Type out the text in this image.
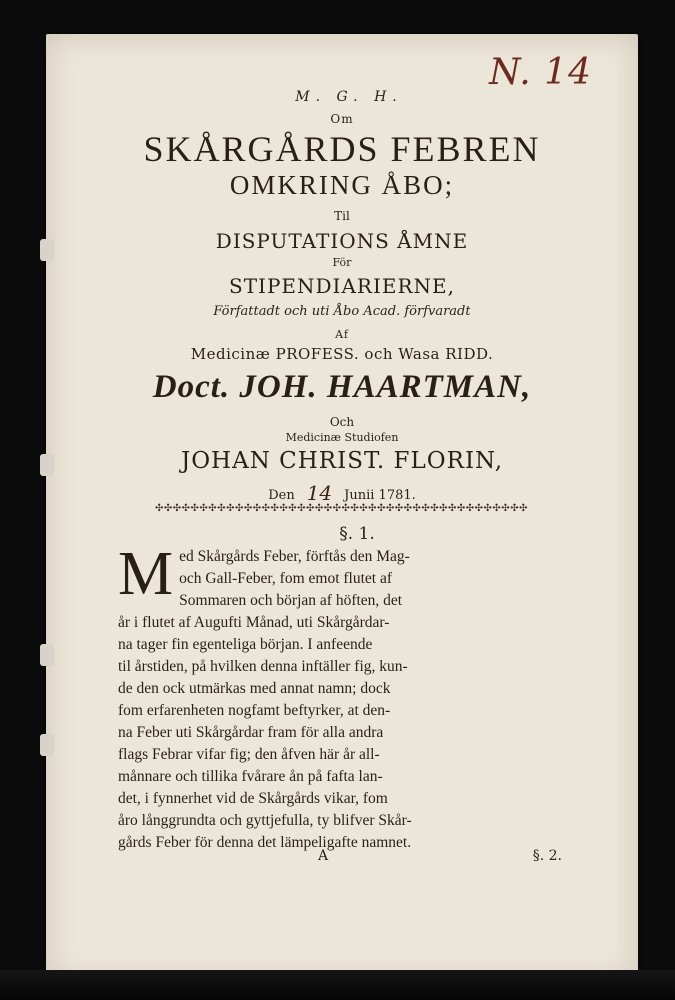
N. 14
M. G. H.
Om
SKÅRGÅRDS FEBREN
OMKRING ÅBO;
Til
DISPUTATIONS ÅMNE
För
STIPENDIARIERNE,
Författadt och uti Åbo Acad. förfvaradt
Af
Medicinæ PROFESS. och Wasa RIDD.
Doct. JOH. HAARTMAN,
Och
Medicinæ Studiofen
JOHAN CHRIST. FLORIN,
Den 14 Junii 1781.
✣✣✣✣✣✣✣✣✣✣✣✣✣✣✣✣✣✣✣✣✣✣✣✣✣✣✣✣✣✣✣✣✣✣✣✣✣✣✣✣✣✣
§. 1.
M ed Skårgårds Feber, förftås den Mag-
och Gall-Feber, fom emot flutet af
Sommaren och början af höften, det
år i flutet af Augufti Månad, uti Skårgårdar-
na tager fin egenteliga början. I anfeende
til årstiden, på hvilken denna inftäller fig, kun-
de den ock utmärkas med annat namn; dock
fom erfarenheten nogfamt beftyrker, at den-
na Feber uti Skårgårdar fram för alla andra
flags Febrar vifar fig; den åfven här år all-
månnare och tillika fvårare ån på fafta lan-
det, i fynnerhet vid de Skårgårds vikar, fom
åro långgrundta och gyttjefulla, ty blifver Skår-
gårds Feber för denna det lämpeligafte namnet.
A	§. 2.
